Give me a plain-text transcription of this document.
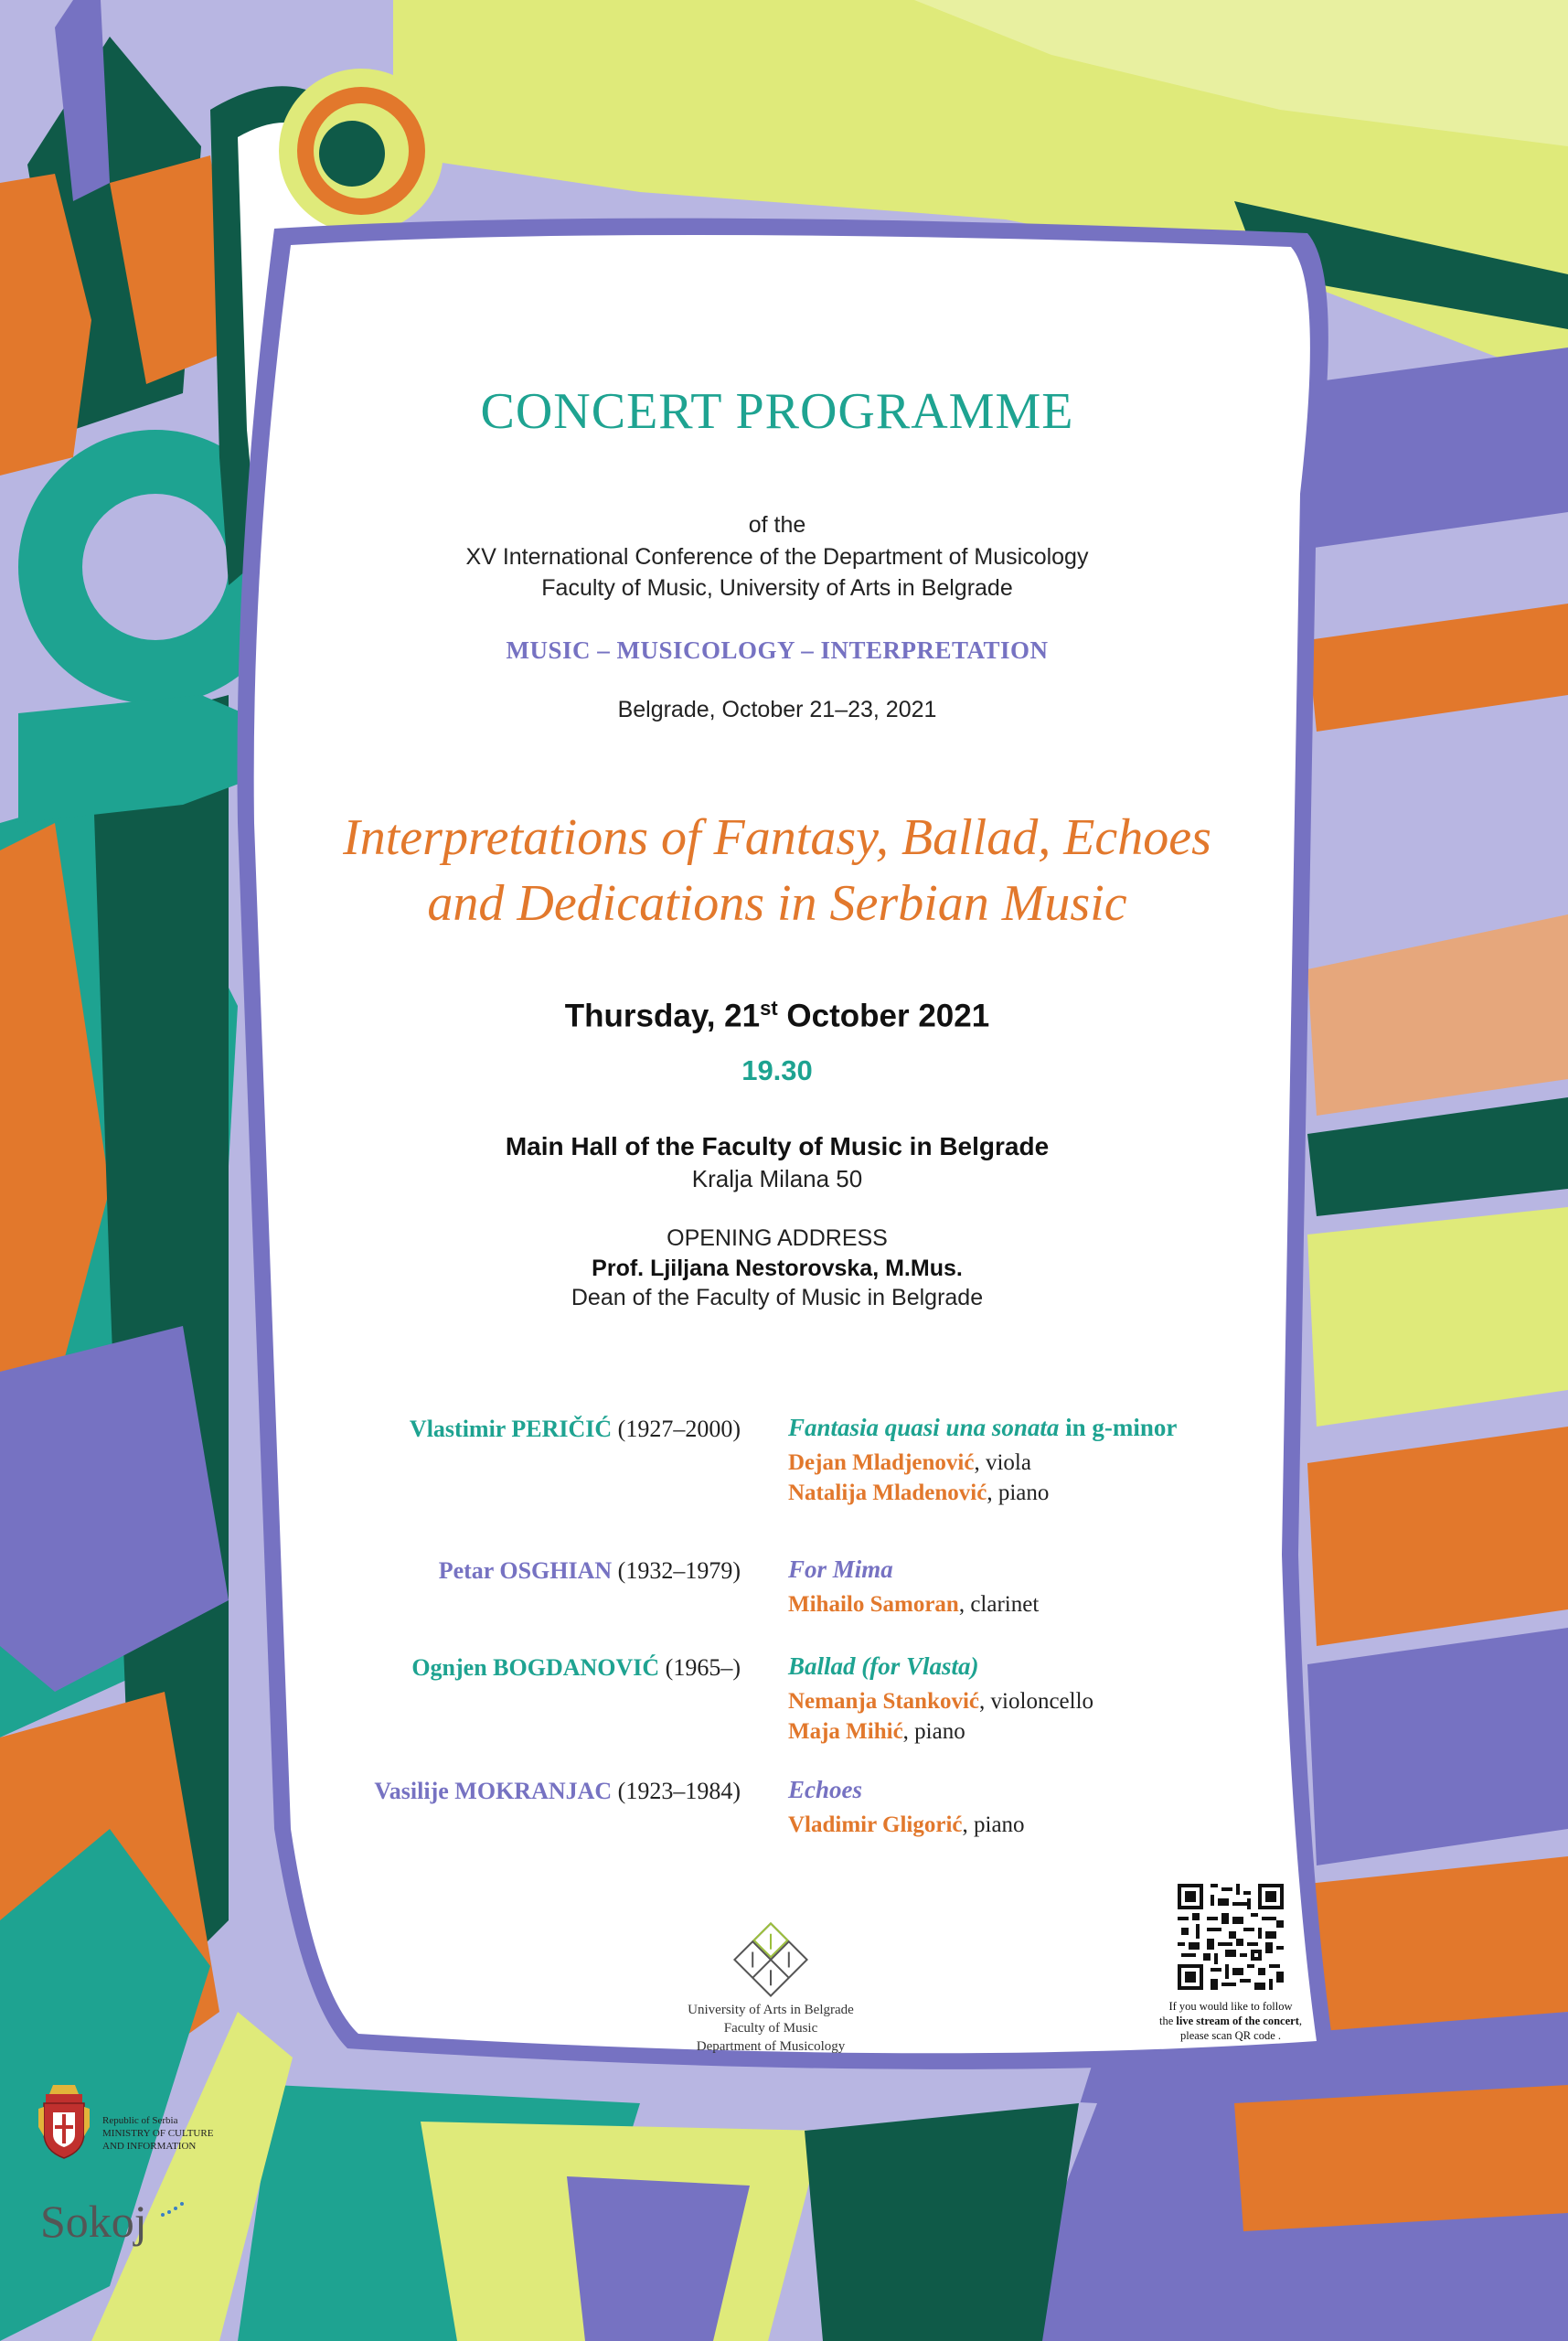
CONCERT PROGRAMME
of the
XV International Conference of the Department of Musicology
Faculty of Music, University of Arts in Belgrade
MUSIC – MUSICOLOGY – INTERPRETATION
Belgrade, October 21–23, 2021
Interpretations of Fantasy, Ballad, Echoes
and Dedications in Serbian Music
Thursday, 21st October 2021
19.30
Main Hall of the Faculty of Music in Belgrade
Kralja Milana 50
OPENING ADDRESS
Prof. Ljiljana Nestorovska, M.Mus.
Dean of the Faculty of Music in Belgrade
Vlastimir PERIČIĆ (1927–2000) Fantasia quasi una sonata in g-minor
Dejan Mladjenović, viola
Natalija Mladenović, piano
Petar OSGHIAN (1932–1979) For Mima
Mihailo Samoran, clarinet
Ognjen BOGDANOVIĆ (1965–) Ballad (for Vlasta)
Nemanja Stanković, violoncello
Maja Mihić, piano
Vasilije MOKRANJAC (1923–1984) Echoes
Vladimir Gligorić, piano
University of Arts in Belgrade
Faculty of Music
Department of Musicology
If you would like to follow
the live stream of the concert,
please scan QR code .
Republic of Serbia
MINISTRY OF CULTURE
AND INFORMATION
Sokoj
